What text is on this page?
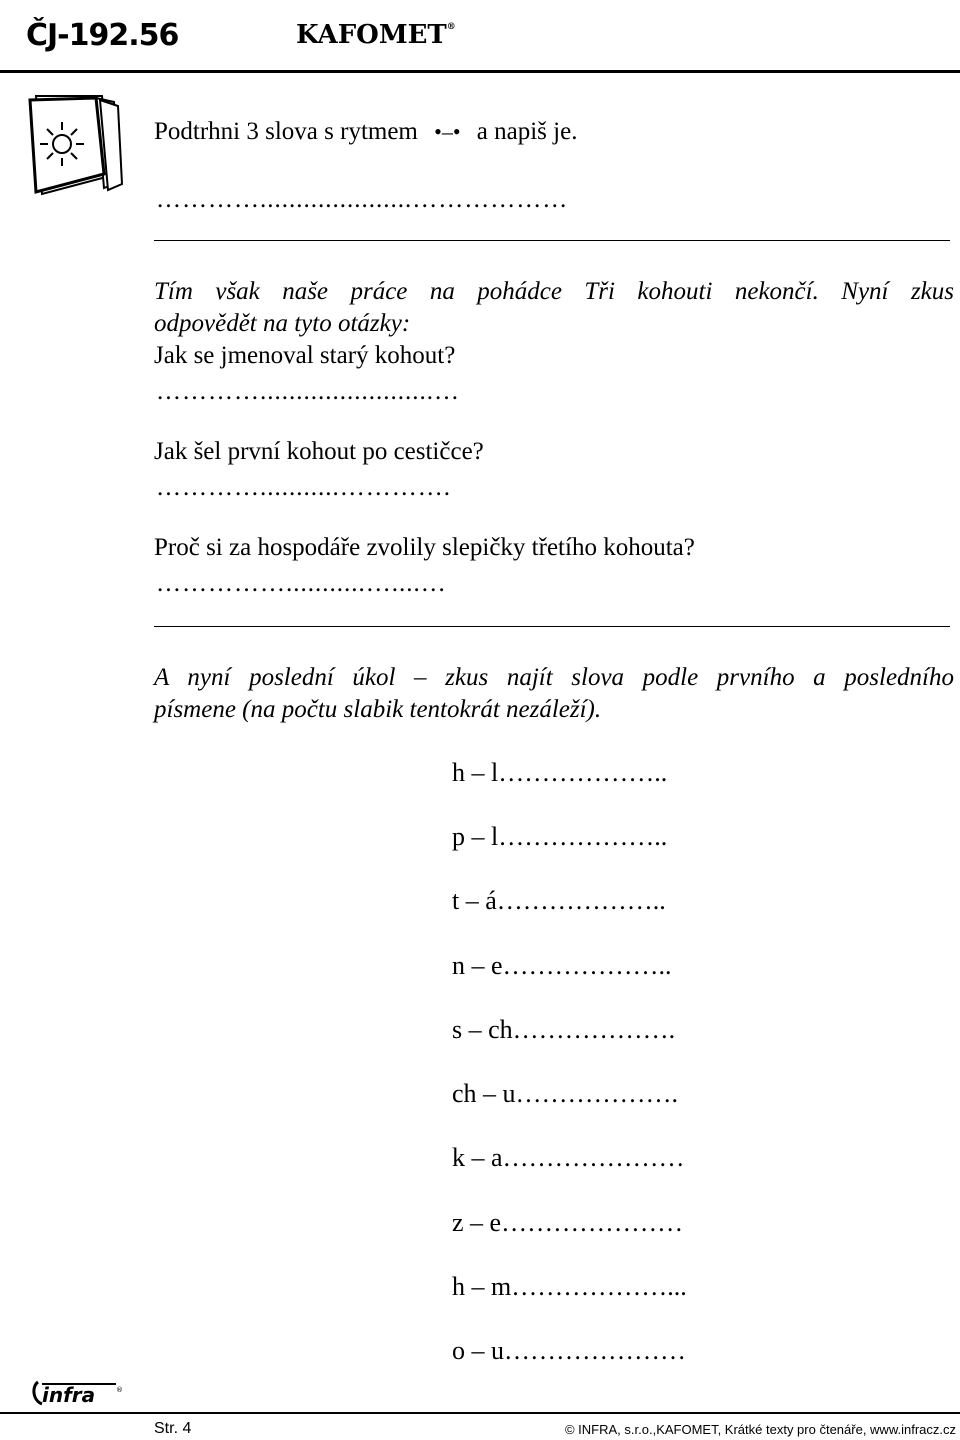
ČJ-192.56	KAFOMET®
Podtrhni 3 slova s rytmem •–• a napiš je.
………….....................………………
Tím však naše práce na pohádce Tři kohouti nekončí. Nyní zkus
odpovědět na tyto otázky:
Jak se jmenoval starý kohout?
…………........................…
Jak šel první kohout po cestičce?
…………...........………….
Proč si za hospodáře zvolily slepičky třetího kohouta?
……………...........…....…
A nyní poslední úkol – zkus najít slova podle prvního a posledního
písmene (na počtu slabik tentokrát nezáleží).
h – l………………..
p – l………………..
t – á………………..
n – e………………..
s – ch……………….
ch – u……………….
k – a…………………
z – e…………………
h – m………………...
o – u…………………
infra	®
Str. 4	© INFRA, s.r.o.,KAFOMET, Krátké texty pro čtenáře, www.infracz.cz
